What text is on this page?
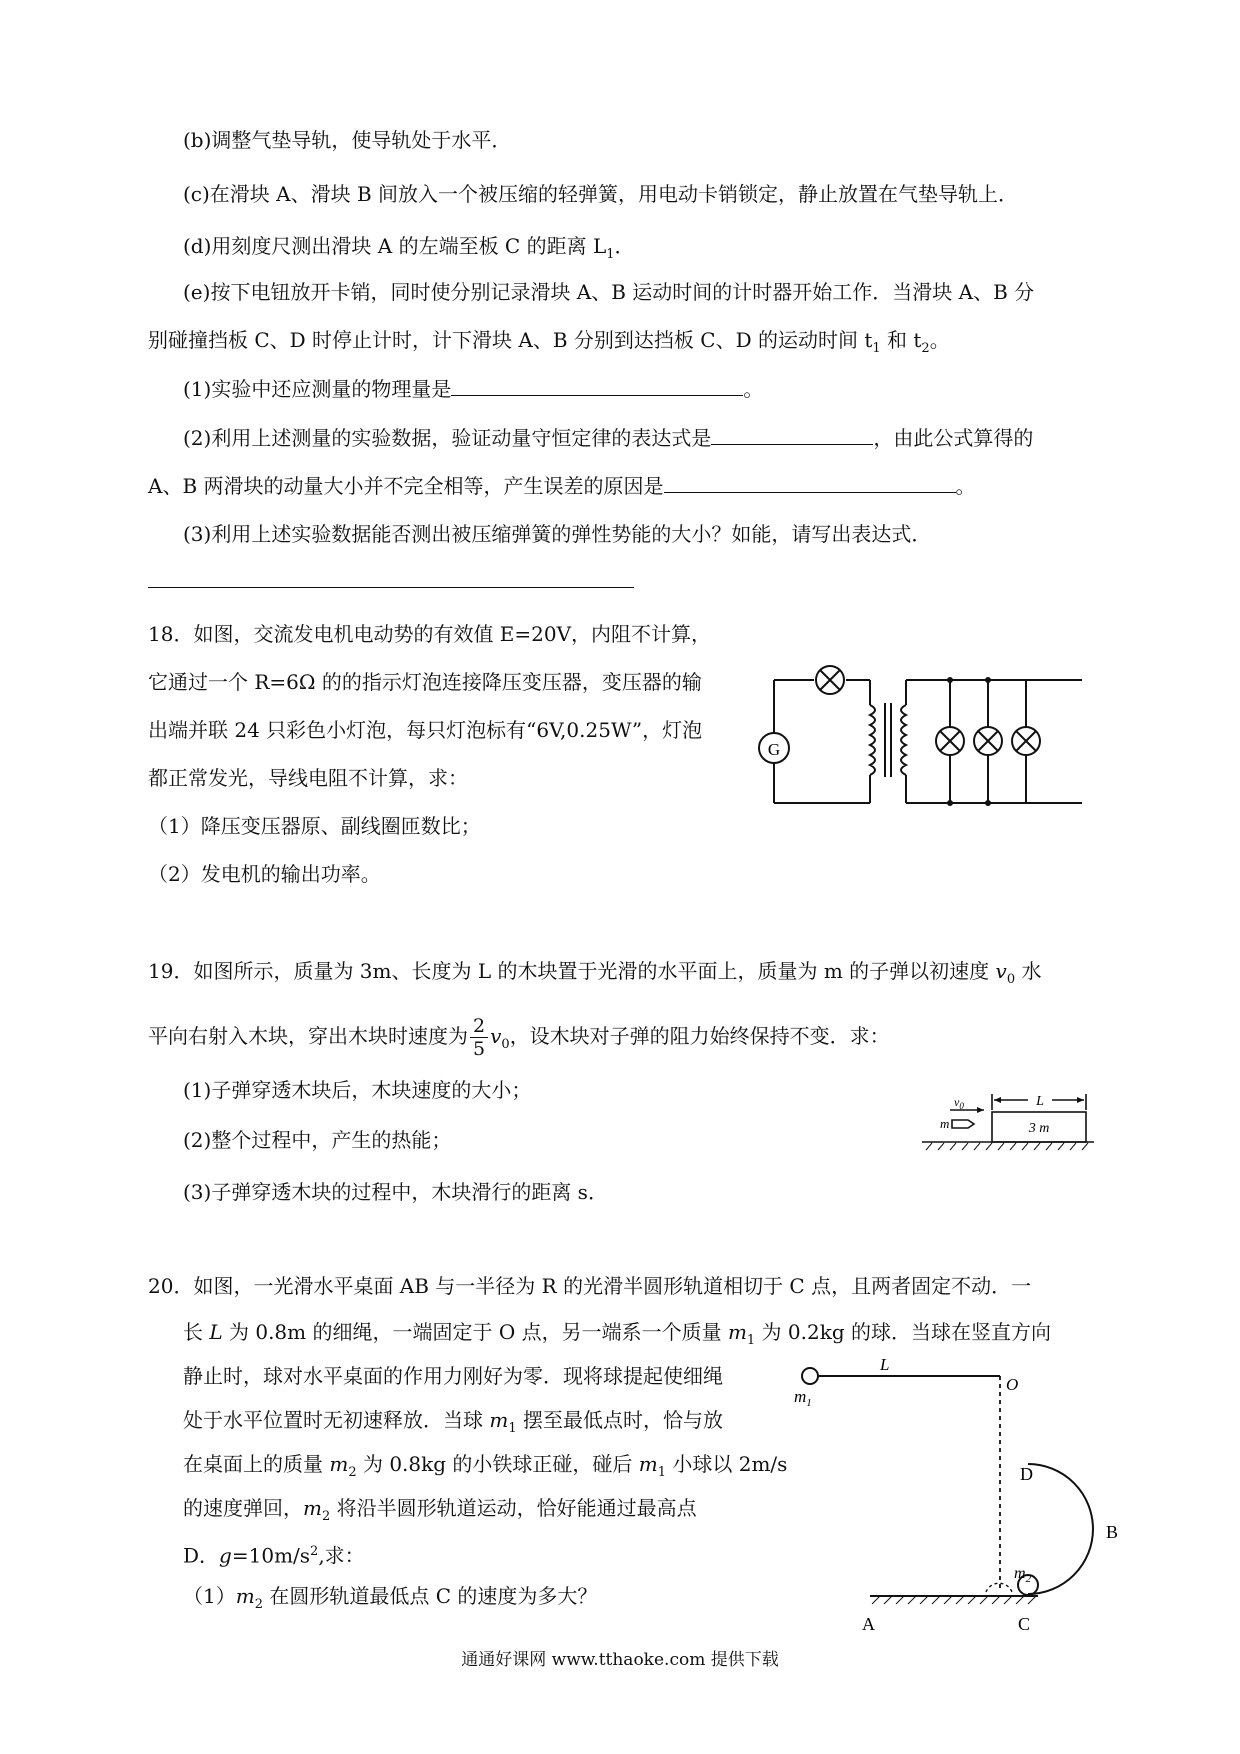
(b)调整气垫导轨，使导轨处于水平．
(c)在滑块 A、滑块 B 间放入一个被压缩的轻弹簧，用电动卡销锁定，静止放置在气垫导轨上．
(d)用刻度尺测出滑块 A 的左端至板 C 的距离 $L_1$．
(e)按下电钮放开卡销，同时使分别记录滑块 A、B 运动时间的计时器开始工作．当滑块 A、B 分
别碰撞挡板 C、D 时停止计时，计下滑块 A、B 分别到达挡板 C、D 的运动时间 $t_1$ 和 $t_2$。
(1)实验中还应测量的物理量是	。
(2)利用上述测量的实验数据，验证动量守恒定律的表达式是	，由此公式算得的
A、B 两滑块的动量大小并不完全相等，产生误差的原因是	。
(3)利用上述实验数据能否测出被压缩弹簧的弹性势能的大小？如能，请写出表达式．
18．如图，交流发电机电动势的有效值 E=20V，内阻不计算，
它通过一个 R=6Ω 的的指示灯泡连接降压变压器，变压器的输
出端并联 24 只彩色小灯泡，每只灯泡标有“6V,0.25W”，灯泡
都正常发光，导线电阻不计算，求：
（1）降压变压器原、副线圈匝数比；
（2）发电机的输出功率。
G
19．如图所示，质量为 3m、长度为 L 的木块置于光滑的水平面上，质量为 m 的子弹以初速度 $v_0$ 水
平向右射入木块，穿出木块时速度为 $\frac{2}{5} v_0$，设木块对子弹的阻力始终保持不变．求：
(1)子弹穿透木块后，木块速度的大小；
(2)整个过程中，产生的热能；
(3)子弹穿透木块的过程中，木块滑行的距离 s．
$v_0$	L
m	3 m
20．如图，一光滑水平桌面 AB 与一半径为 R 的光滑半圆形轨道相切于 C 点，且两者固定不动．一
长 L 为 0.8m 的细绳，一端固定于 O 点，另一端系一个质量 $m_1$ 为 0.2kg 的球．当球在竖直方向
静止时，球对水平桌面的作用力刚好为零．现将球提起使细绳
处于水平位置时无初速释放．当球 $m_1$ 摆至最低点时，恰与放
在桌面上的质量 $m_2$ 为 0.8kg 的小铁球正碰，碰后 $m_1$ 小球以 2m/s
的速度弹回，$m_2$ 将沿半圆形轨道运动，恰好能通过最高点
D．$g=10m/s^2$,求：
$(1)m_2$ 在圆形轨道最低点 C 的速度为多大？
$m_1$
L
O
D
B
$m_2$
A	C
通通好课网 www.tthaoke.com 提供下载
